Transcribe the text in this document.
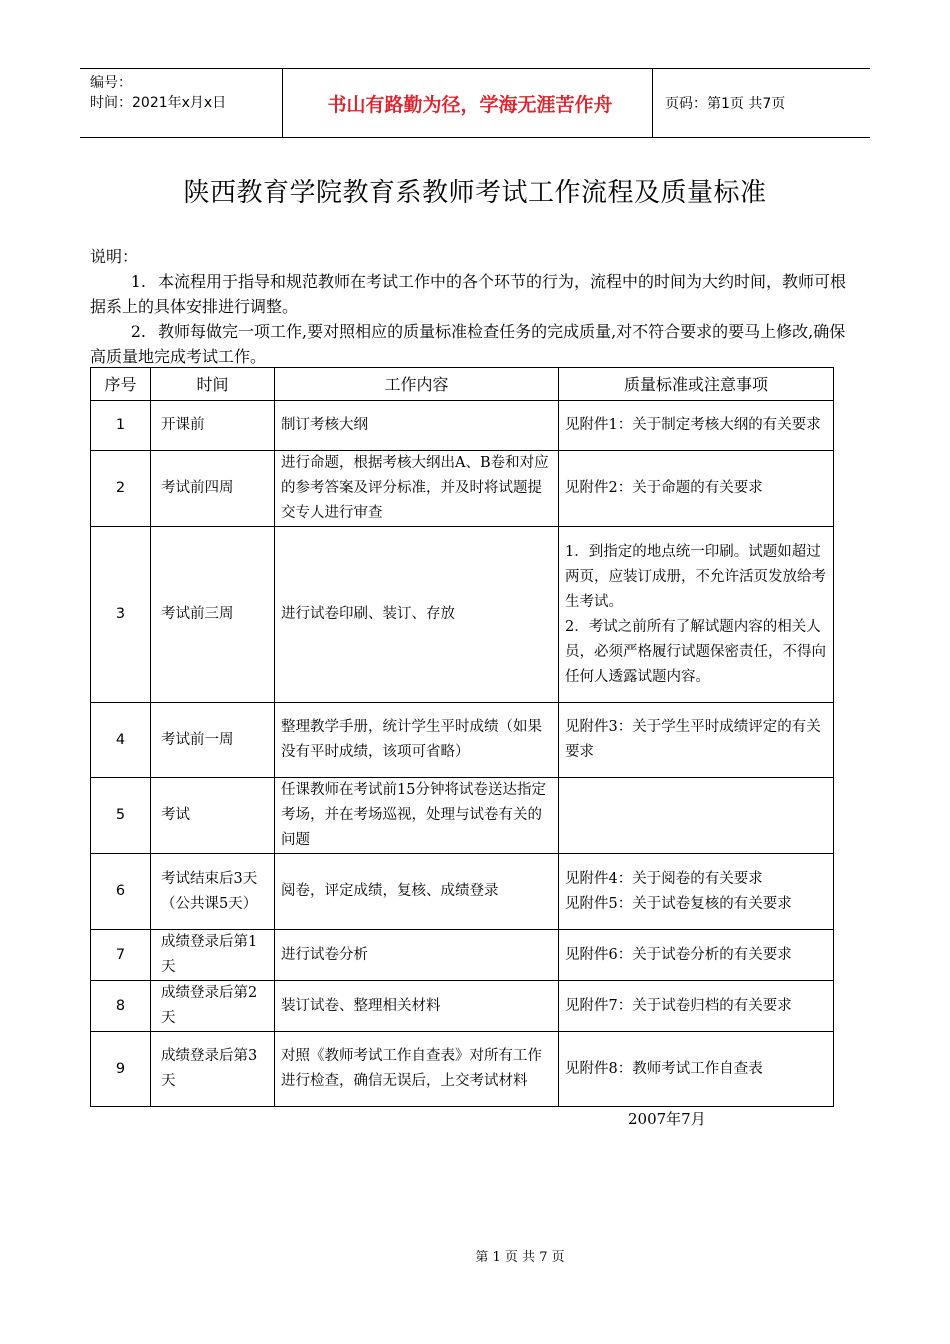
编号：
时间：2021年x月x日	书山有路勤为径，学海无涯苦作舟	页码：第1页 共7页
陕西教育学院教育系教师考试工作流程及质量标准
说明：
1. 本流程用于指导和规范教师在考试工作中的各个环节的行为，流程中的时间为大约时间，教师可根据系上的具体安排进行调整。
2. 教师每做完一项工作,要对照相应的质量标准检查任务的完成质量,对不符合要求的要马上修改,确保高质量地完成考试工作。
序号	时间	工作内容	质量标准或注意事项
1	开课前	制订考核大纲	见附件1：关于制定考核大纲的有关要求
2	考试前四周	进行命题，根据考核大纲出A、B卷和对应的参考答案及评分标准，并及时将试题提交专人进行审查	见附件2：关于命题的有关要求
3	考试前三周	进行试卷印刷、装订、存放	1．到指定的地点统一印刷。试题如超过两页，应装订成册，不允许活页发放给考生考试。
2．考试之前所有了解试题内容的相关人员，必须严格履行试题保密责任，不得向任何人透露试题内容。

4	考试前一周	整理教学手册，统计学生平时成绩（如果没有平时成绩，该项可省略）	见附件3：关于学生平时成绩评定的有关要求
5	考试	任课教师在考试前15分钟将试卷送达指定考场，并在考场巡视，处理与试卷有关的问题	
6	考试结束后3天（公共课5天）	阅卷，评定成绩，复核、成绩登录	见附件4：关于阅卷的有关要求
见附件5：关于试卷复核的有关要求

7	成绩登录后第1天	进行试卷分析	见附件6：关于试卷分析的有关要求
8	成绩登录后第2天	装订试卷、整理相关材料	见附件7：关于试卷归档的有关要求
9	成绩登录后第3天	对照《教师考试工作自查表》对所有工作进行检查，确信无误后，上交考试材料	见附件8：教师考试工作自查表
2007年7月
第 1 页 共 7 页
